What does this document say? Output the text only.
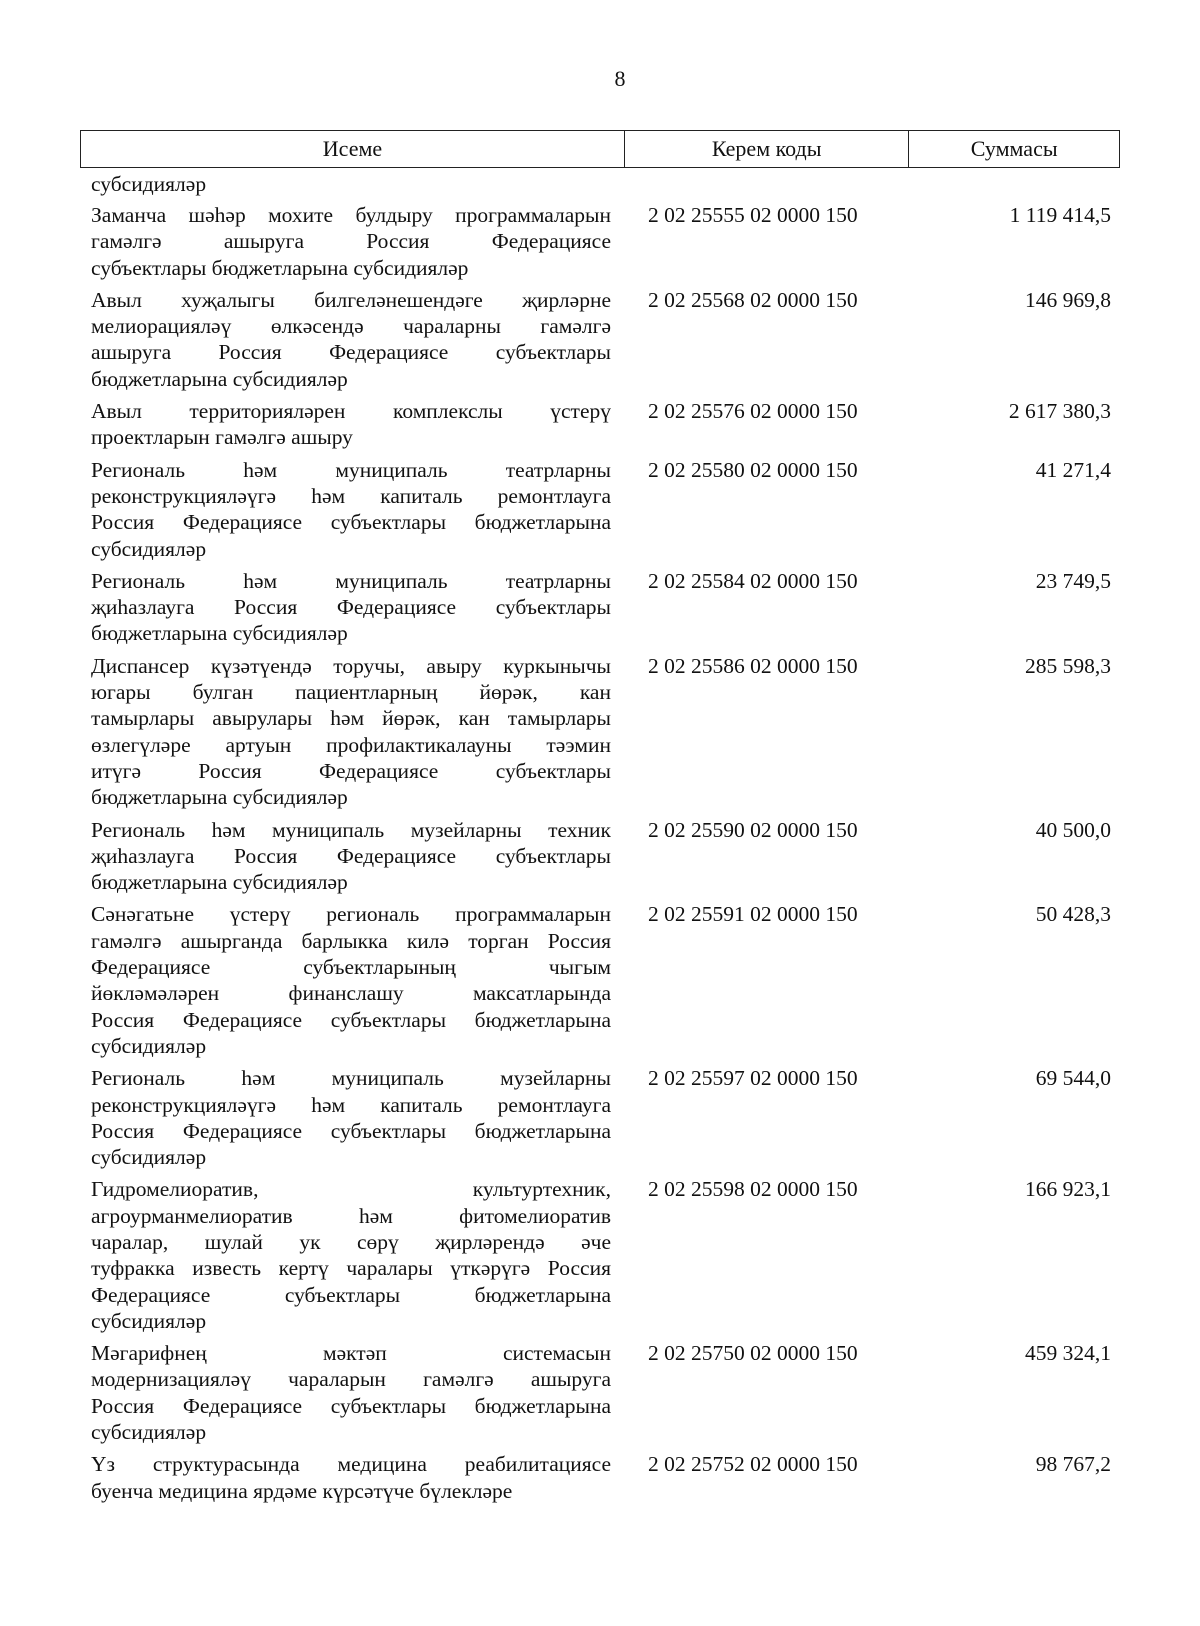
8
Исеме	Керем коды	Суммасы
субсидияләр
Заманча шәһәр мохите булдыру программаларын
гамәлгә ашыруга Россия Федерациясе
субъектлары бюджетларына субсидияләр
2 02 25555 02 0000 150	1 119 414,5
Авыл хуҗалыгы билгеләнешендәге җирләрне
мелиорацияләү өлкәсендә чараларны гамәлгә
ашыруга Россия Федерациясе субъектлары
бюджетларына субсидияләр
2 02 25568 02 0000 150	146 969,8
Авыл территорияләрен комплекслы үстерү
проектларын гамәлгә ашыру
2 02 25576 02 0000 150	2 617 380,3
Региональ һәм муниципаль театрларны
реконструкцияләүгә һәм капиталь ремонтлауга
Россия Федерациясе субъектлары бюджетларына
субсидияләр
2 02 25580 02 0000 150	41 271,4
Региональ һәм муниципаль театрларны
җиһазлауга Россия Федерациясе субъектлары
бюджетларына субсидияләр
2 02 25584 02 0000 150	23 749,5
Диспансер күзәтүендә торучы, авыру куркынычы
югары булган пациентларның йөрәк, кан
тамырлары авырулары һәм йөрәк, кан тамырлары
өзлегүләре артуын профилактикалауны тәэмин
итүгә Россия Федерациясе субъектлары
бюджетларына субсидияләр
2 02 25586 02 0000 150	285 598,3
Региональ һәм муниципаль музейларны техник
җиһазлауга Россия Федерациясе субъектлары
бюджетларына субсидияләр
2 02 25590 02 0000 150	40 500,0
Сәнәгатьне үстерү региональ программаларын
гамәлгә ашырганда барлыкка килә торган Россия
Федерациясе субъектларының чыгым
йөкләмәләрен финанслашу максатларында
Россия Федерациясе субъектлары бюджетларына
субсидияләр
2 02 25591 02 0000 150	50 428,3
Региональ һәм муниципаль музейларны
реконструкцияләүгә һәм капиталь ремонтлауга
Россия Федерациясе субъектлары бюджетларына
субсидияләр
2 02 25597 02 0000 150	69 544,0
Гидромелиоратив, культуртехник,
агроурманмелиоратив һәм фитомелиоратив
чаралар, шулай ук сөрү җирләрендә әче
туфракка известь кертү чаралары үткәрүгә Россия
Федерациясе субъектлары бюджетларына
субсидияләр
2 02 25598 02 0000 150	166 923,1
Мәгарифнең мәктәп системасын
модернизацияләү чараларын гамәлгә ашыруга
Россия Федерациясе субъектлары бюджетларына
субсидияләр
2 02 25750 02 0000 150	459 324,1
Үз структурасында медицина реабилитациясе
буенча медицина ярдәме күрсәтүче бүлекләре
2 02 25752 02 0000 150	98 767,2
